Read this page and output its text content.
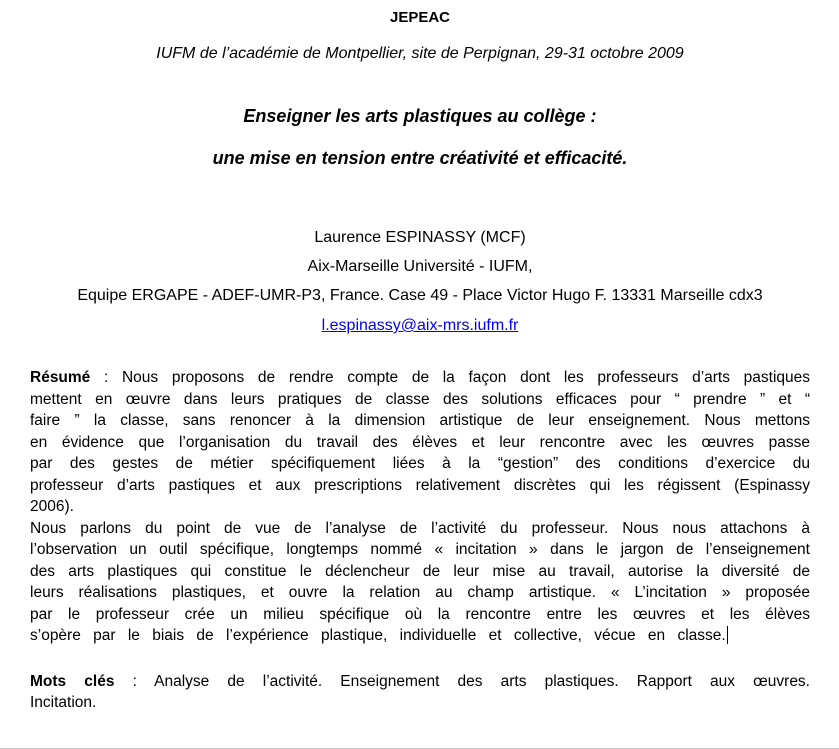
JEPEAC
IUFM de l’académie de Montpellier, site de Perpignan, 29-31 octobre 2009
Enseigner les arts plastiques au collège :
une mise en tension entre créativité et efficacité.
Laurence ESPINASSY (MCF)
Aix-Marseille Université - IUFM,
Equipe ERGAPE - ADEF-UMR-P3, France. Case 49 - Place Victor Hugo F. 13331 Marseille cdx3
l.espinassy@aix-mrs.iufm.fr

Résumé : Nous proposons de rendre compte de la façon dont les professeurs d’arts pastiques mettent en œuvre dans leurs pratiques de classe des solutions efficaces pour “ prendre ” et “ faire ” la classe, sans renoncer à la dimension artistique de leur enseignement. Nous mettons en évidence que l’organisation du travail des élèves et leur rencontre avec les œuvres passe par des gestes de métier spécifiquement liées à la “gestion” des conditions d’exercice du professeur d’arts pastiques et aux prescriptions relativement discrètes qui les régissent (Espinassy 2006).

Nous parlons du point de vue de l’analyse de l’activité du professeur. Nous nous attachons à l’observation un outil spécifique, longtemps nommé « incitation » dans le jargon de l’enseignement des arts plastiques qui constitue le déclencheur de leur mise au travail, autorise la diversité de leurs réalisations plastiques, et ouvre la relation au champ artistique. « L’incitation » proposée par le professeur crée un milieu spécifique où la rencontre entre les œuvres et les élèves s’opère par le biais de l’expérience plastique, individuelle et collective, vécue en classe.

Mots clés : Analyse de l’activité. Enseignement des arts plastiques. Rapport aux œuvres. Incitation.
